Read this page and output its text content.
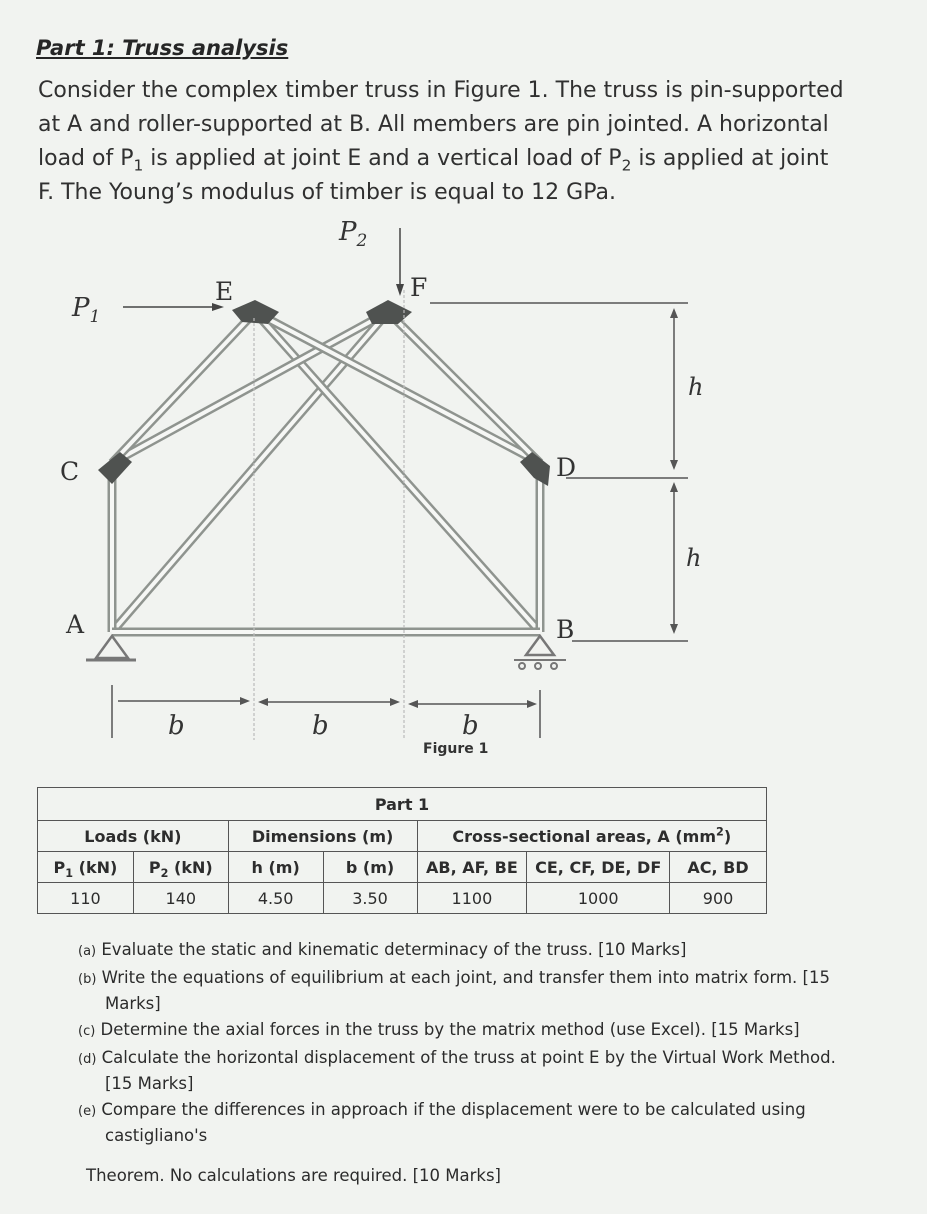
Part 1: Truss analysis

Consider the complex timber truss in Figure 1. The truss is pin-supported

at A and roller-supported at B. All members are pin jointed. A horizontal

load of $P_1$ is applied at joint E and a vertical load of $P_2$ is applied at joint

F. The Young’s modulus of timber is equal to 12 GPa.

$P_1$
$P_2$
E	F
C	D
A	B
h
h
b	b	b
Figure 1
Part 1						
Loads (kN)		Dimensions (m)		Cross-sectional areas, A $(mm^2)$		
$P_1$ (kN)	$P_2$ (kN)	h (m)	b (m)	AB, AF, BE	CE, CF, DE, DF	AC, BD
110	140	4.50	3.50	1100	1000	900
(a) Evaluate the static and kinematic determinacy of the truss. [10 Marks]
(b) Write the equations of equilibrium at each joint, and transfer them into matrix form. [15 Marks]
(c) Determine the axial forces in the truss by the matrix method (use Excel). [15 Marks]
(d) Calculate the horizontal displacement of the truss at point E by the Virtual Work Method. [15 Marks]
(e) Compare the differences in approach if the displacement were to be calculated using castigliano's
Theorem. No calculations are required. [10 Marks]
